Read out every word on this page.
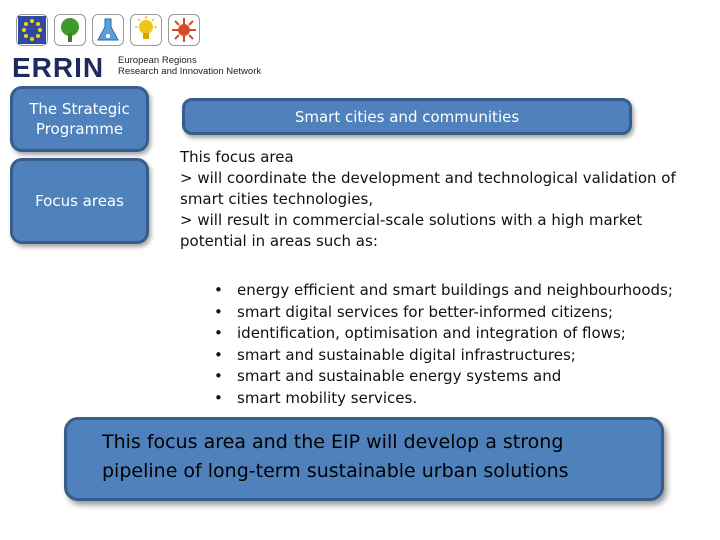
ERRIN European Regions
Research and Innovation Network
The Strategic
Programme
Focus areas
Smart cities and communities

This focus area

> will coordinate the development and technological validation of

smart cities technologies,

> will result in commercial-scale solutions with a high market

potential in areas such as:

• energy efficient and smart buildings and neighbourhoods;
• smart digital services for better-informed citizens;
• identification, optimisation and integration of flows;
• smart and sustainable digital infrastructures;
• smart and sustainable energy systems and
• smart mobility services.
This focus area and the EIP will develop a strong
pipeline of long-term sustainable urban solutions
